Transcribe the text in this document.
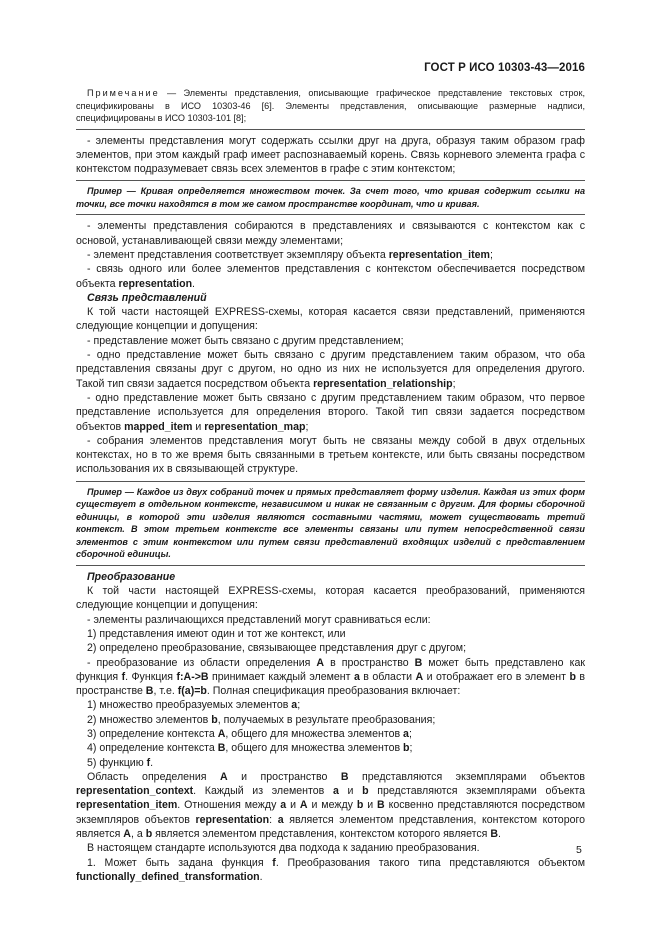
ГОСТ Р ИСО 10303-43—2016

Примечание — Элементы представления, описывающие графическое представление текстовых строк, спецификированы в ИСО 10303-46 [6]. Элементы представления, описывающие размерные надписи, специфицированы в ИСО 10303-101 [8];

- элементы представления могут содержать ссылки друг на друга, образуя таким образом граф элементов, при этом каждый граф имеет распознаваемый корень. Связь корневого элемента графа с контекстом подразумевает связь всех элементов в графе с этим контекстом;

Пример — Кривая определяется множеством точек. За счет того, что кривая содержит ссылки на точки, все точки находятся в том же самом пространстве координат, что и кривая.

- элементы представления собираются в представлениях и связываются с контекстом как с основой, устанавливающей связи между элементами;

- элемент представления соответствует экземпляру объекта representation_item;

- связь одного или более элементов представления с контекстом обеспечивается посредством объекта representation.

Связь представлений

К той части настоящей EXPRESS-схемы, которая касается связи представлений, применяются следующие концепции и допущения:

- представление может быть связано с другим представлением;

- одно представление может быть связано с другим представлением таким образом, что оба представления связаны друг с другом, но одно из них не используется для определения другого. Такой тип связи задается посредством объекта representation_relationship;

- одно представление может быть связано с другим представлением таким образом, что первое представление используется для определения второго. Такой тип связи задается посредством объектов mapped_item и representation_map;

- собрания элементов представления могут быть не связаны между собой в двух отдельных контекстах, но в то же время быть связанными в третьем контексте, или быть связаны посредством использования их в связывающей структуре.

Пример — Каждое из двух собраний точек и прямых представляет форму изделия. Каждая из этих форм существует в отдельном контексте, независимом и никак не связанным с другим. Для формы сборочной единицы, в которой эти изделия являются составными частями, может существовать третий контекст. В этом третьем контексте все элементы связаны или путем непосредственной связи элементов с этим контекстом или путем связи представлений входящих изделий с представлением сборочной единицы.

Преобразование

К той части настоящей EXPRESS-схемы, которая касается преобразований, применяются следующие концепции и допущения:

- элементы различающихся представлений могут сравниваться если:

1) представления имеют один и тот же контекст, или

2) определено преобразование, связывающее представления друг с другом;

- преобразование из области определения A в пространство B может быть представлено как функция f. Функция f:A->B принимает каждый элемент a в области A и отображает его в элемент b в пространстве B, т.е. f(a)=b. Полная спецификация преобразования включает:

1) множество преобразуемых элементов a;

2) множество элементов b, получаемых в результате преобразования;

3) определение контекста A, общего для множества элементов a;

4) определение контекста B, общего для множества элементов b;

5) функцию f.

Область определения A и пространство B представляются экземплярами объектов representation_context. Каждый из элементов a и b представляются экземплярами объекта representation_item. Отношения между a и A и между b и B косвенно представляются посредством экземпляров объектов representation: a является элементом представления, контекстом которого является A, а b является элементом представления, контекстом которого является B.

В настоящем стандарте используются два подхода к заданию преобразования.

1. Может быть задана функция f. Преобразования такого типа представляются объектом functionally_defined_transformation.

5
